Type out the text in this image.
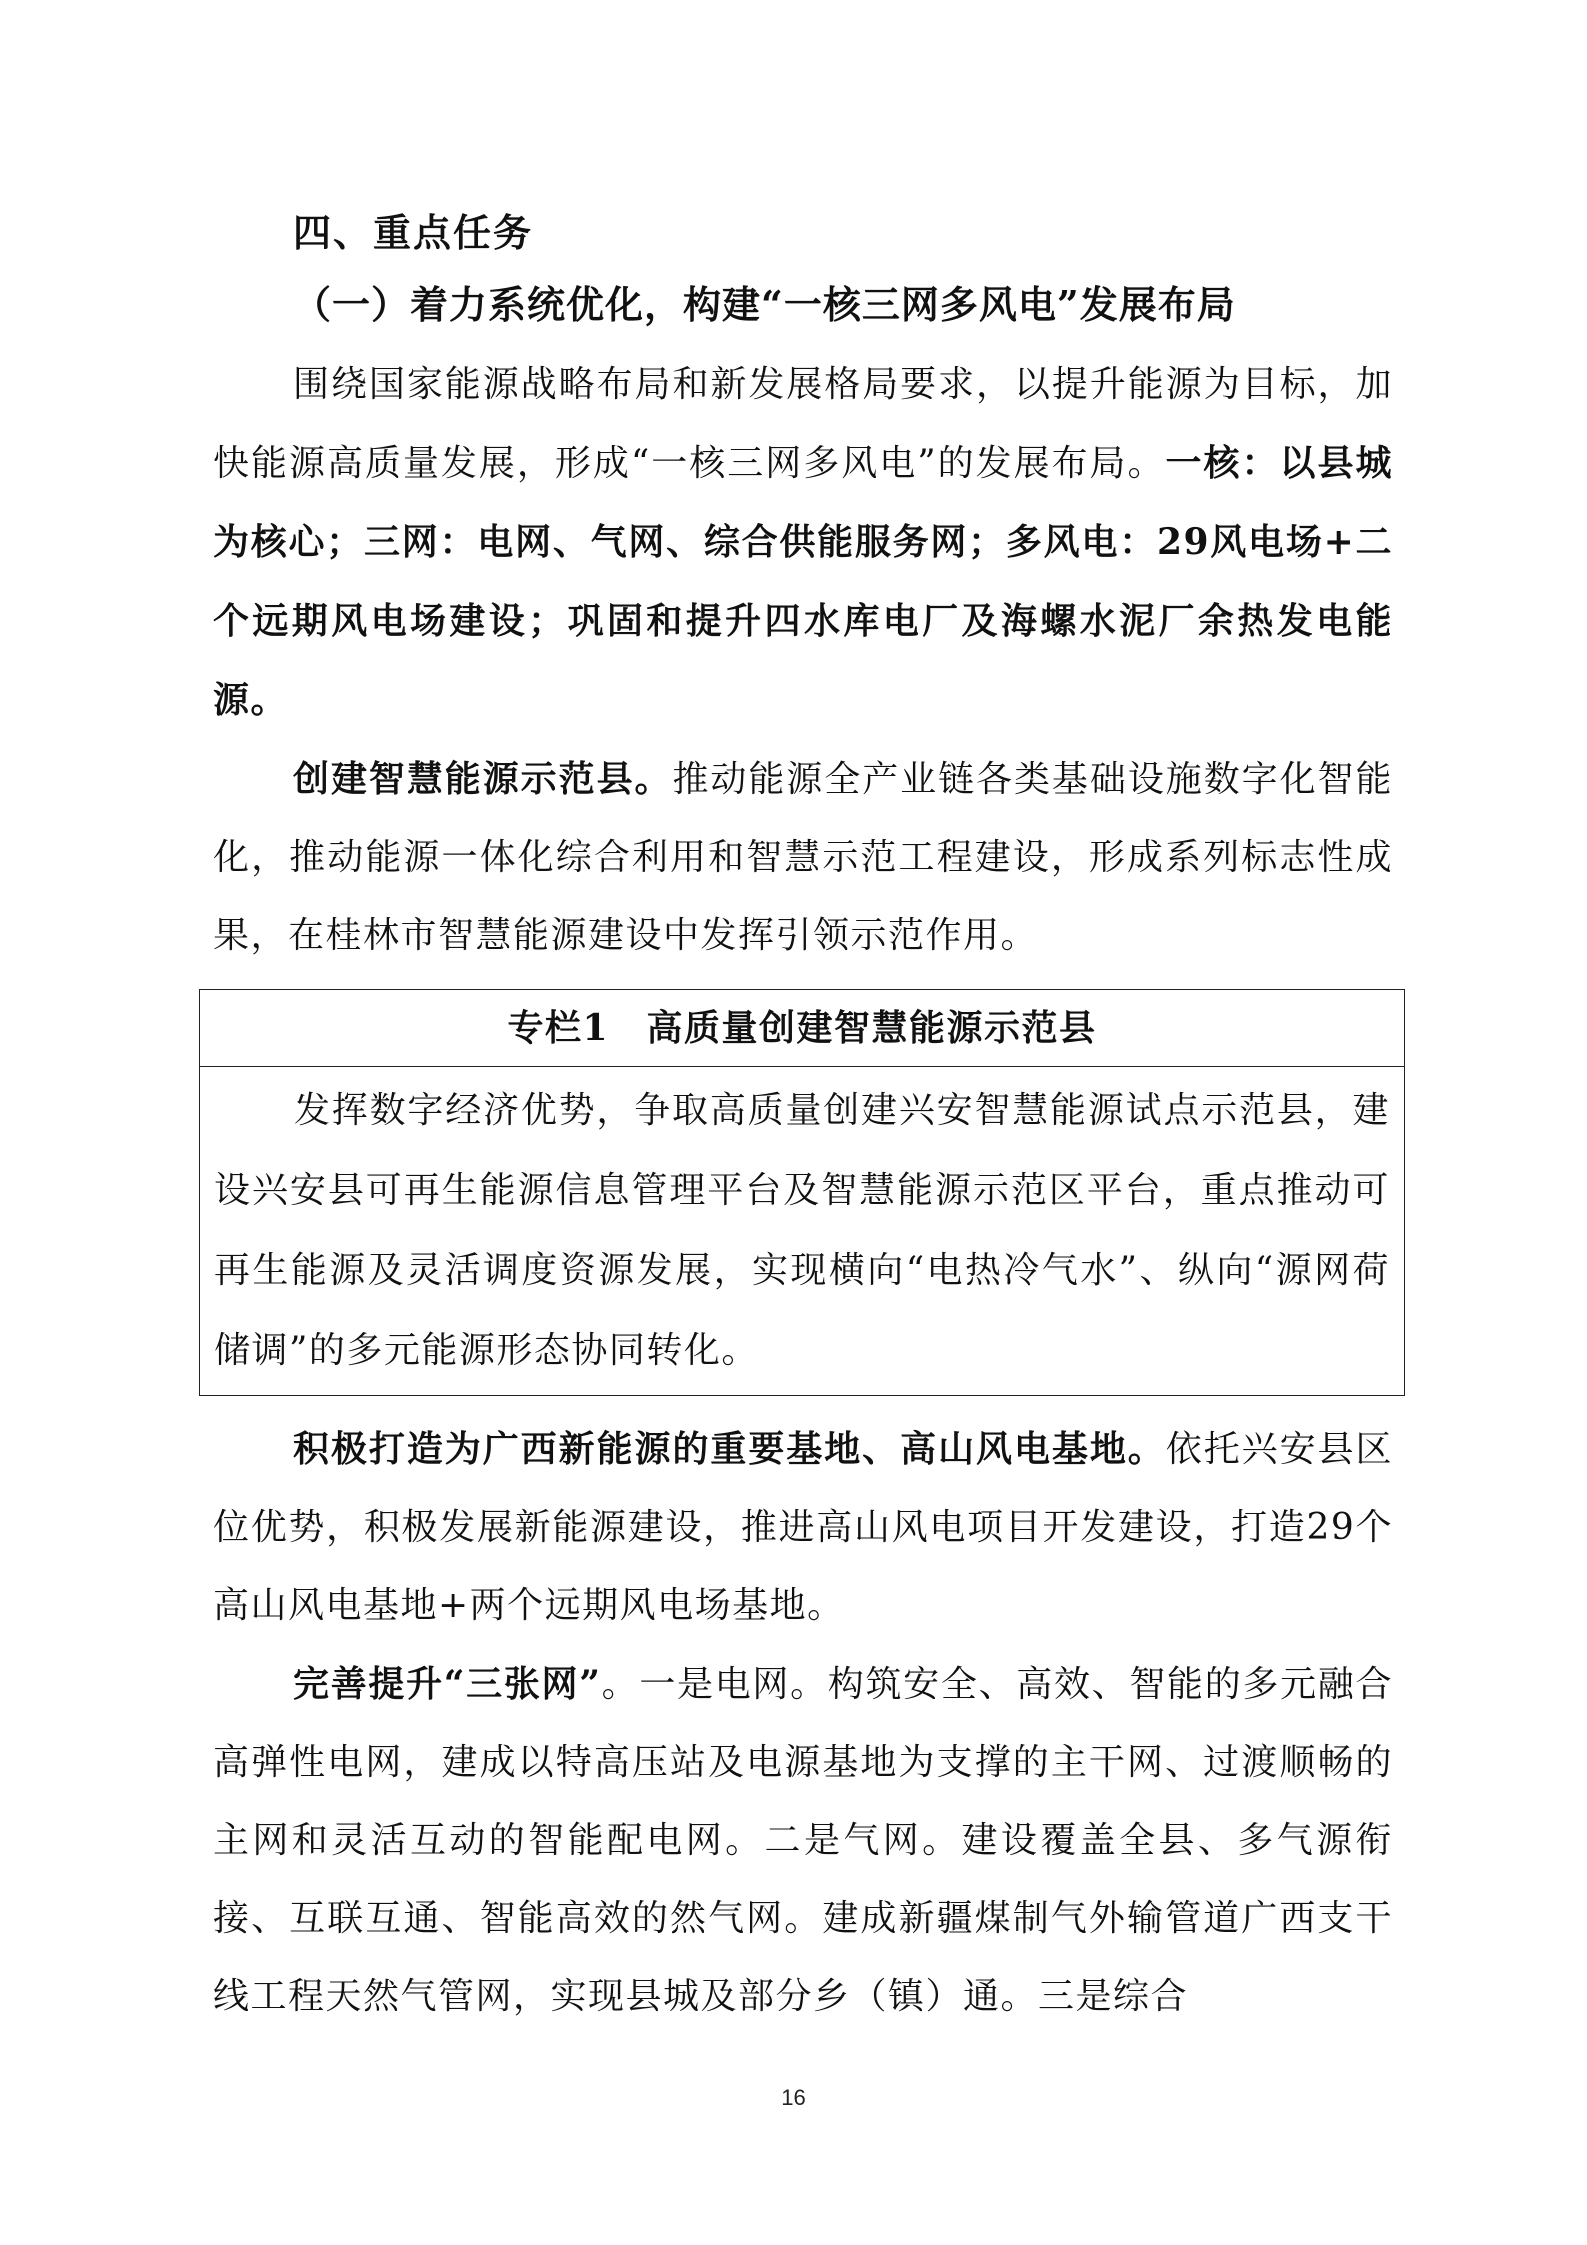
四、重点任务
（一）着力系统优化，构建“一核三网多风电”发展布局

围绕国家能源战略布局和新发展格局要求，以提升能源为目标，加快能源高质量发展，形成“一核三网多风电”的发展布局。一核：以县城为核心；三网：电网、气网、综合供能服务网；多风电：29风电场+二个远期风电场建设；巩固和提升四水库电厂及海螺水泥厂余热发电能源。

创建智慧能源示范县。推动能源全产业链各类基础设施数字化智能化，推动能源一体化综合利用和智慧示范工程建设，形成系列标志性成果，在桂林市智慧能源建设中发挥引领示范作用。

专栏1　高质量创建智慧能源示范县

发挥数字经济优势，争取高质量创建兴安智慧能源试点示范县，建设兴安县可再生能源信息管理平台及智慧能源示范区平台，重点推动可再生能源及灵活调度资源发展，实现横向“电热冷气水”、纵向“源网荷储调”的多元能源形态协同转化。

积极打造为广西新能源的重要基地、高山风电基地。依托兴安县区位优势，积极发展新能源建设，推进高山风电项目开发建设，打造29个高山风电基地+两个远期风电场基地。

完善提升“三张网”。一是电网。构筑安全、高效、智能的多元融合高弹性电网，建成以特高压站及电源基地为支撑的主干网、过渡顺畅的主网和灵活互动的智能配电网。二是气网。建设覆盖全县、多气源衔接、互联互通、智能高效的然气网。建成新疆煤制气外输管道广西支干线工程天然气管网，实现县城及部分乡（镇）通。三是综合

16
